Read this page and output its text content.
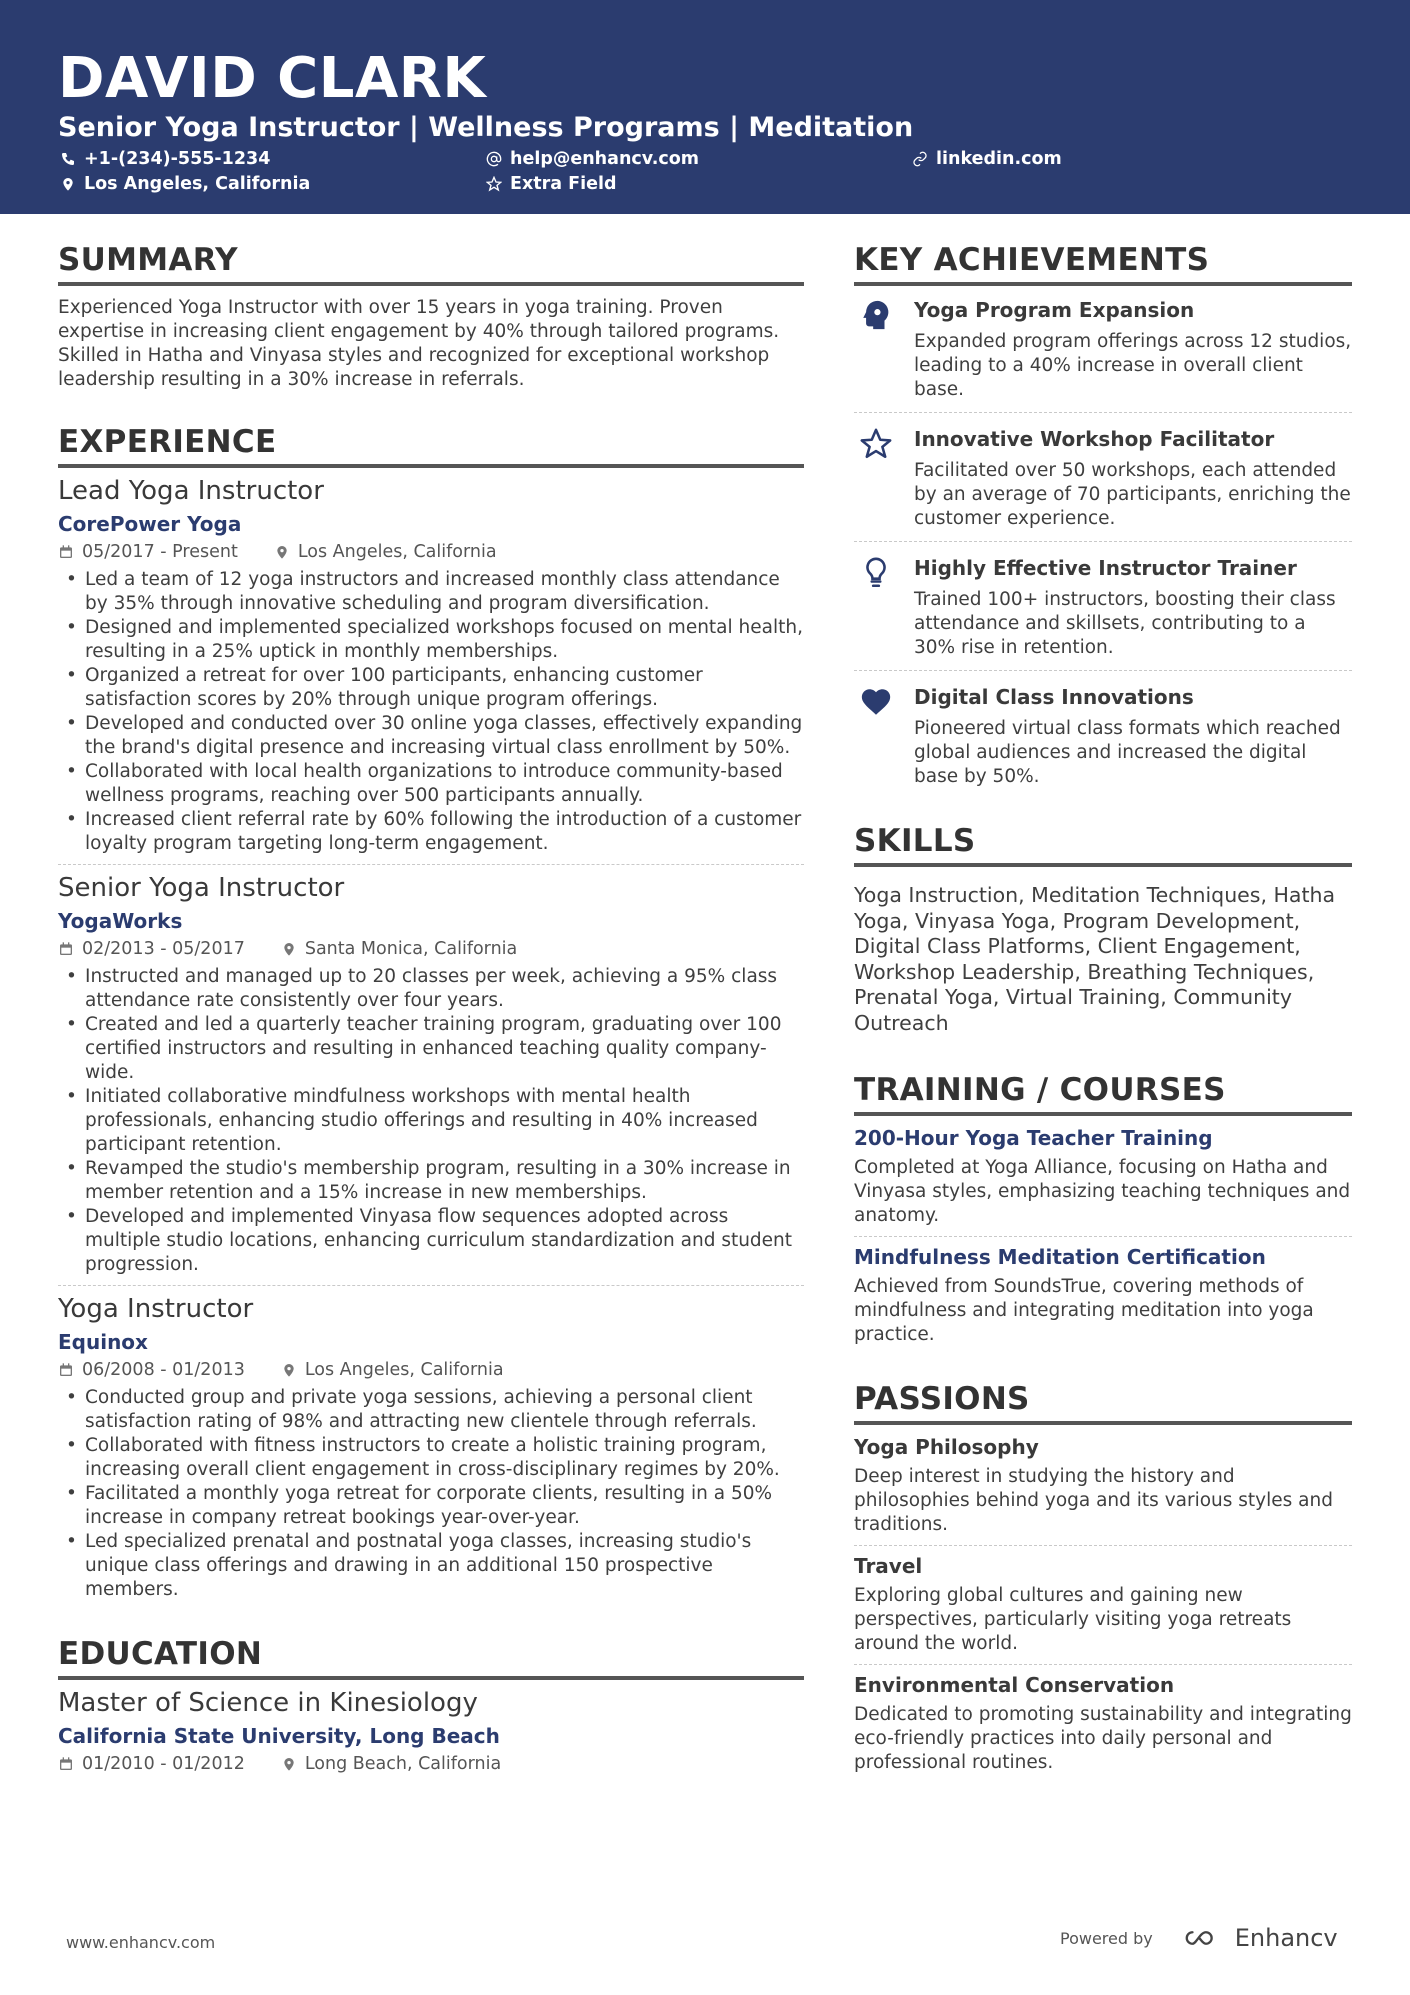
DAVID CLARK
Senior Yoga Instructor | Wellness Programs | Meditation
+1-(234)-555-1234	help@enhancv.com	linkedin.com
Los Angeles, California	Extra Field
SUMMARY
Experienced Yoga Instructor with over 15 years in yoga training. Proven expertise in increasing client engagement by 40% through tailored programs. Skilled in Hatha and Vinyasa styles and recognized for exceptional workshop leadership resulting in a 30% increase in referrals.
EXPERIENCE
Lead Yoga Instructor
CorePower Yoga
05/2017 - Present	Los Angeles, California
• Led a team of 12 yoga instructors and increased monthly class attendance by 35% through innovative scheduling and program diversification.
• Designed and implemented specialized workshops focused on mental health, resulting in a 25% uptick in monthly memberships.
• Organized a retreat for over 100 participants, enhancing customer satisfaction scores by 20% through unique program offerings.
• Developed and conducted over 30 online yoga classes, effectively expanding the brand's digital presence and increasing virtual class enrollment by 50%.
• Collaborated with local health organizations to introduce community-based wellness programs, reaching over 500 participants annually.
• Increased client referral rate by 60% following the introduction of a customer loyalty program targeting long-term engagement.
Senior Yoga Instructor
YogaWorks
02/2013 - 05/2017	Santa Monica, California
• Instructed and managed up to 20 classes per week, achieving a 95% class attendance rate consistently over four years.
• Created and led a quarterly teacher training program, graduating over 100 certified instructors and resulting in enhanced teaching quality company-wide.
• Initiated collaborative mindfulness workshops with mental health professionals, enhancing studio offerings and resulting in 40% increased participant retention.
• Revamped the studio's membership program, resulting in a 30% increase in member retention and a 15% increase in new memberships.
• Developed and implemented Vinyasa flow sequences adopted across multiple studio locations, enhancing curriculum standardization and student progression.
Yoga Instructor
Equinox
06/2008 - 01/2013	Los Angeles, California
• Conducted group and private yoga sessions, achieving a personal client satisfaction rating of 98% and attracting new clientele through referrals.
• Collaborated with fitness instructors to create a holistic training program, increasing overall client engagement in cross-disciplinary regimes by 20%.
• Facilitated a monthly yoga retreat for corporate clients, resulting in a 50% increase in company retreat bookings year-over-year.
• Led specialized prenatal and postnatal yoga classes, increasing studio's unique class offerings and drawing in an additional 150 prospective members.
EDUCATION
Master of Science in Kinesiology
California State University, Long Beach
01/2010 - 01/2012	Long Beach, California
KEY ACHIEVEMENTS
Yoga Program Expansion
Expanded program offerings across 12 studios, leading to a 40% increase in overall client base.
Innovative Workshop Facilitator
Facilitated over 50 workshops, each attended by an average of 70 participants, enriching the customer experience.
Highly Effective Instructor Trainer
Trained 100+ instructors, boosting their class attendance and skillsets, contributing to a 30% rise in retention.
Digital Class Innovations
Pioneered virtual class formats which reached global audiences and increased the digital base by 50%.
SKILLS
Yoga Instruction, Meditation Techniques, Hatha Yoga, Vinyasa Yoga, Program Development, Digital Class Platforms, Client Engagement, Workshop Leadership, Breathing Techniques, Prenatal Yoga, Virtual Training, Community Outreach
TRAINING / COURSES
200-Hour Yoga Teacher Training
Completed at Yoga Alliance, focusing on Hatha and Vinyasa styles, emphasizing teaching techniques and anatomy.
Mindfulness Meditation Certification
Achieved from SoundsTrue, covering methods of mindfulness and integrating meditation into yoga practice.
PASSIONS
Yoga Philosophy
Deep interest in studying the history and philosophies behind yoga and its various styles and traditions.
Travel
Exploring global cultures and gaining new perspectives, particularly visiting yoga retreats around the world.
Environmental Conservation
Dedicated to promoting sustainability and integrating eco-friendly practices into daily personal and professional routines.
www.enhancv.com	Powered by	Enhancv
